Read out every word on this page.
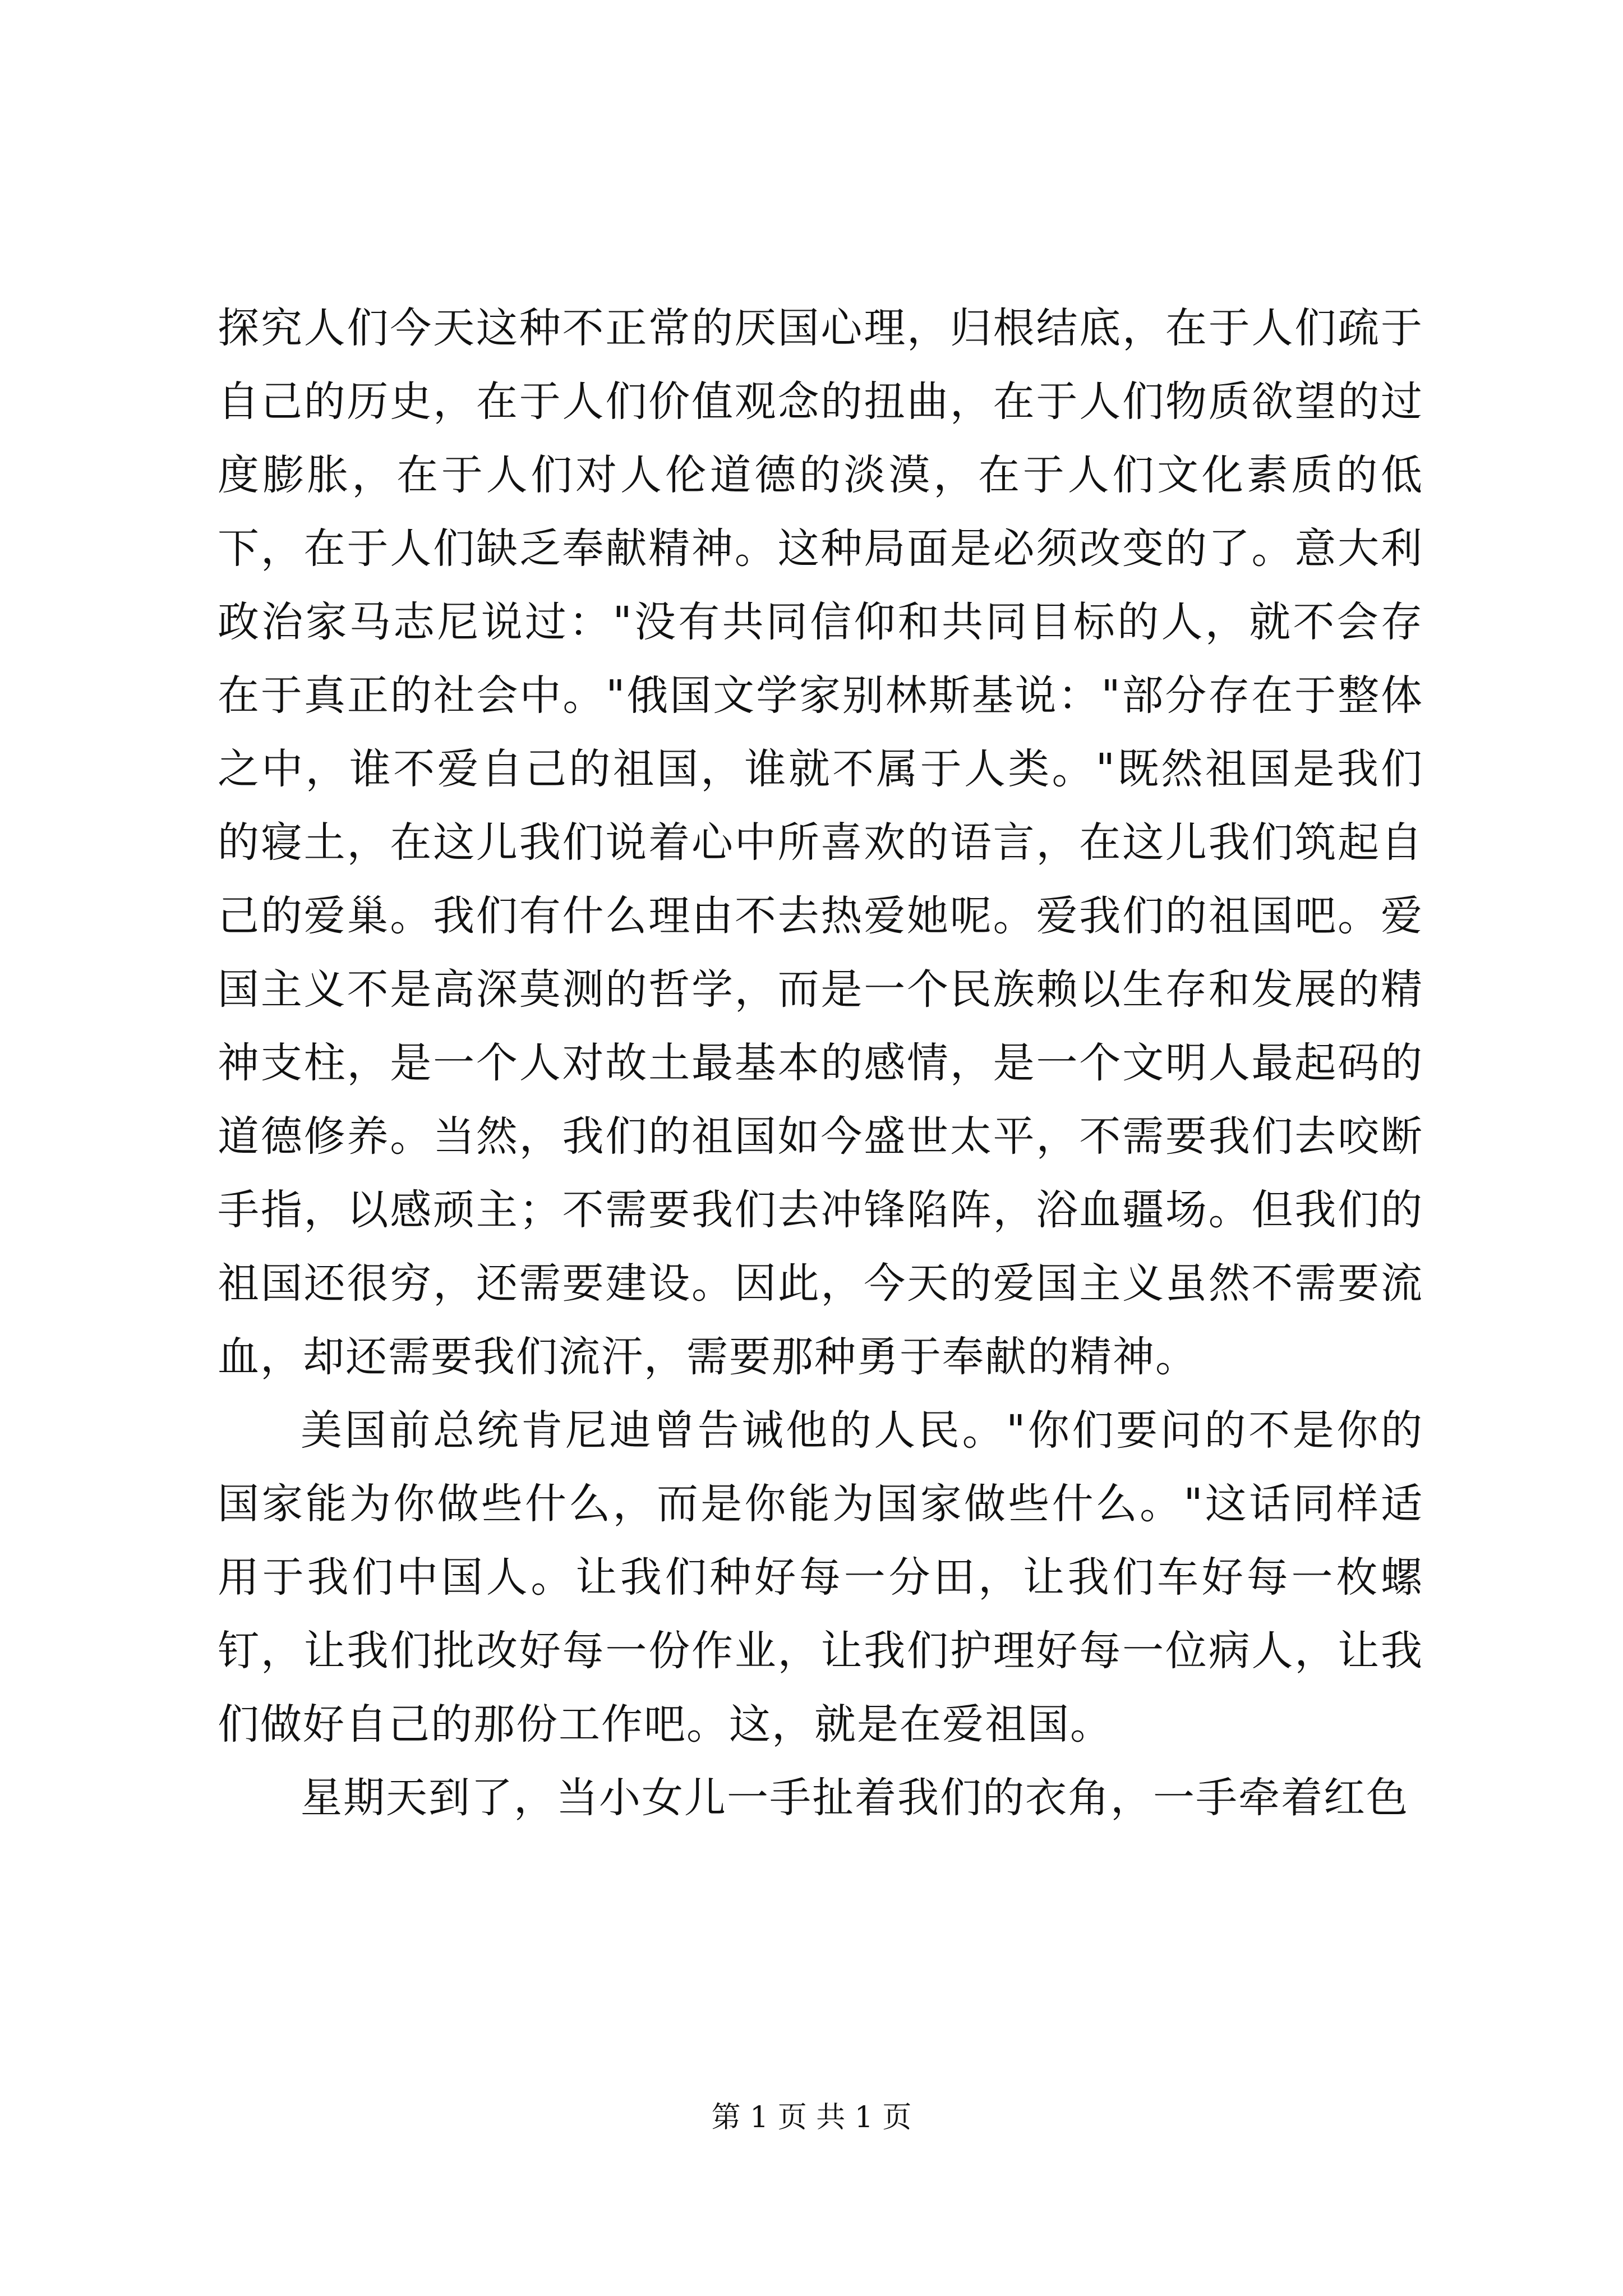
探究人们今天这种不正常的厌国心理，归根结底，在于人们疏于自己的历史，在于人们价值观念的扭曲，在于人们物质欲望的过度膨胀，在于人们对人伦道德的淡漠，在于人们文化素质的低下，在于人们缺乏奉献精神。这种局面是必须改变的了。意大利政治家马志尼说过："没有共同信仰和共同目标的人，就不会存在于真正的社会中。"俄国文学家别林斯基说："部分存在于整体之中，谁不爱自己的祖国，谁就不属于人类。"既然祖国是我们的寝土，在这儿我们说着心中所喜欢的语言，在这儿我们筑起自己的爱巢。我们有什么理由不去热爱她呢。爱我们的祖国吧。爱国主义不是高深莫测的哲学，而是一个民族赖以生存和发展的精神支柱，是一个人对故土最基本的感情，是一个文明人最起码的道德修养。当然，我们的祖国如今盛世太平，不需要我们去咬断手指，以感顽主；不需要我们去冲锋陷阵，浴血疆场。但我们的祖国还很穷，还需要建设。因此，今天的爱国主义虽然不需要流血，却还需要我们流汗，需要那种勇于奉献的精神。

美国前总统肯尼迪曾告诫他的人民。"你们要问的不是你的国家能为你做些什么，而是你能为国家做些什么。"这话同样适用于我们中国人。让我们种好每一分田，让我们车好每一枚螺钉，让我们批改好每一份作业，让我们护理好每一位病人，让我们做好自己的那份工作吧。这，就是在爱祖国。

星期天到了，当小女儿一手扯着我们的衣角，一手牵着红色

第 1 页 共 1 页
